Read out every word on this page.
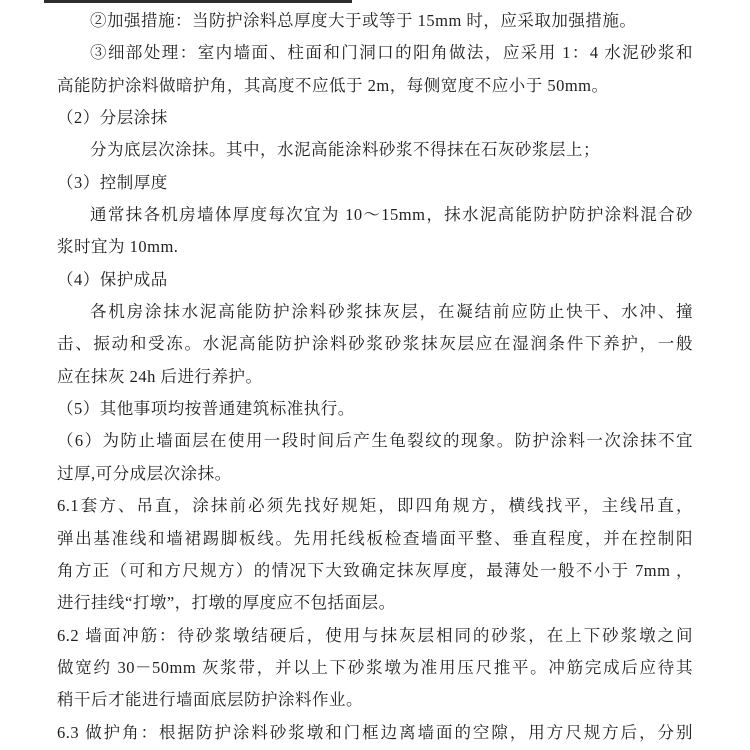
②加强措施：当防护涂料总厚度大于或等于 15mm 时，应采取加强措施。
③细部处理：室内墙面、柱面和门洞口的阳角做法，应采用 1：4 水泥砂浆和
高能防护涂料做暗护角，其高度不应低于 2m，每侧宽度不应小于 50mm。
（2）分层涂抹
分为底层次涂抹。其中，水泥高能涂料砂浆不得抹在石灰砂浆层上；
（3）控制厚度
通常抹各机房墙体厚度每次宜为 10～15mm，抹水泥高能防护防护涂料混合砂
浆时宜为 10mm.
（4）保护成品
各机房涂抹水泥高能防护涂料砂浆抹灰层，在凝结前应防止快干、水冲、撞
击、振动和受冻。水泥高能防护涂料砂浆砂浆抹灰层应在湿润条件下养护，一般
应在抹灰 24h 后进行养护。
（5）其他事项均按普通建筑标准执行。
（6）为防止墙面层在使用一段时间后产生龟裂纹的现象。防护涂料一次涂抹不宜
过厚,可分成层次涂抹。
6.1套方、吊直，涂抹前必须先找好规矩，即四角规方，横线找平，主线吊直，
弹出基准线和墙裙踢脚板线。先用托线板检查墙面平整、垂直程度，并在控制阳
角方正（可和方尺规方）的情况下大致确定抹灰厚度，最薄处一般不小于 7mm ，
进行挂线“打墩”，打墩的厚度应不包括面层。
6.2 墙面冲筋：待砂浆墩结硬后，使用与抹灰层相同的砂浆，在上下砂浆墩之间
做宽约 30－50mm 灰浆带，并以上下砂浆墩为准用压尺推平。冲筋完成后应待其
稍干后才能进行墙面底层防护涂料作业。
6.3 做护角：根据防护涂料砂浆墩和门框边离墙面的空隙，用方尺规方后，分别
